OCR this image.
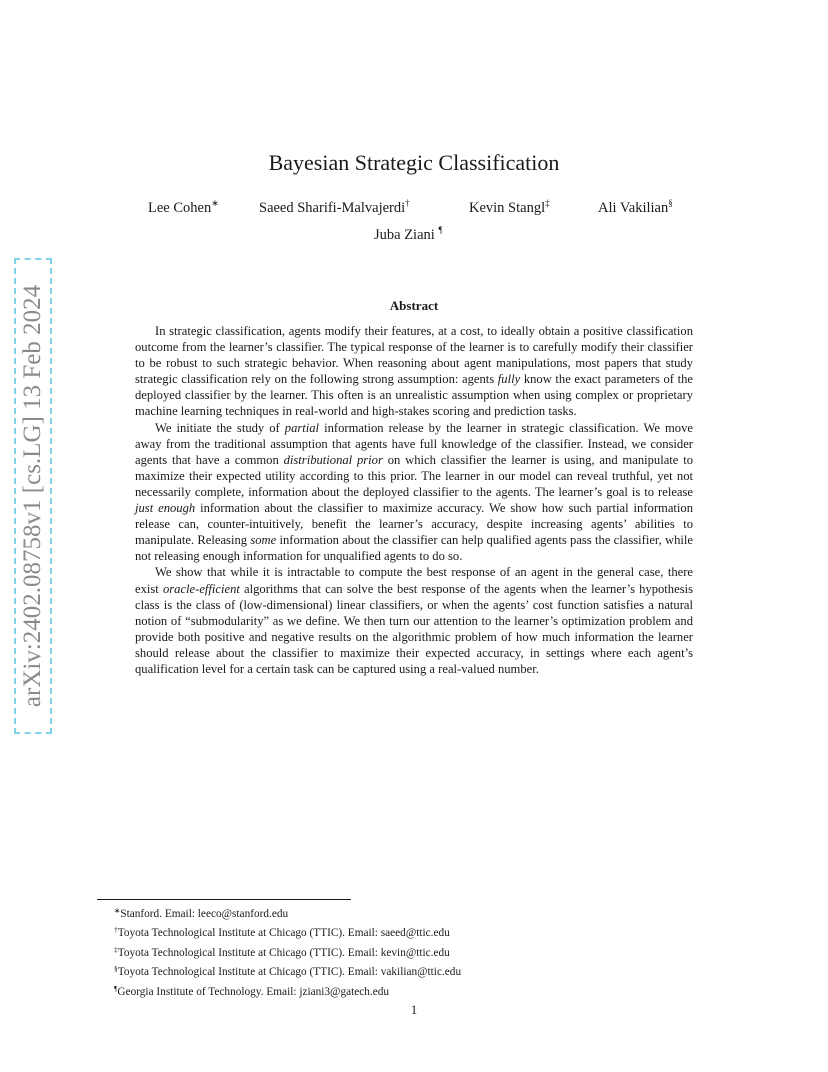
arXiv:2402.08758v1 [cs.LG] 13 Feb 2024
Bayesian Strategic Classification
Lee Cohen∗	Saeed Sharifi-Malvajerdi†	Kevin Stangl‡	Ali Vakilian§
Juba Ziani ¶
Abstract

In strategic classification, agents modify their features, at a cost, to ideally obtain a positive classification outcome from the learner’s classifier. The typical response of the learner is to carefully modify their classifier to be robust to such strategic behavior. When reasoning about agent manipulations, most papers that study strategic classification rely on the following strong assumption: agents fully know the exact parameters of the deployed classifier by the learner. This often is an unrealistic assumption when using complex or proprietary machine learning techniques in real-world and high-stakes scoring and prediction tasks.

We initiate the study of partial information release by the learner in strategic classification. We move away from the traditional assumption that agents have full knowledge of the classifier. Instead, we consider agents that have a common distributional prior on which classifier the learner is using, and manipulate to maximize their expected utility according to this prior. The learner in our model can reveal truthful, yet not necessarily complete, information about the deployed classifier to the agents. The learner’s goal is to release just enough information about the classifier to maximize accuracy. We show how such partial information release can, counter-intuitively, benefit the learner’s accuracy, despite increasing agents’ abilities to manipulate. Releasing some information about the classifier can help qualified agents pass the classifier, while not releasing enough information for unqualified agents to do so.

We show that while it is intractable to compute the best response of an agent in the general case, there exist oracle-efficient algorithms that can solve the best response of the agents when the learner’s hypothesis class is the class of (low-dimensional) linear classifiers, or when the agents’ cost function satisfies a natural notion of “submodularity” as we define. We then turn our attention to the learner’s optimization problem and provide both positive and negative results on the algorithmic problem of how much information the learner should release about the classifier to maximize their expected accuracy, in settings where each agent’s qualification level for a certain task can be captured using a real-valued number.

∗Stanford. Email: leeco@stanford.edu
†Toyota Technological Institute at Chicago (TTIC). Email: saeed@ttic.edu
‡Toyota Technological Institute at Chicago (TTIC). Email: kevin@ttic.edu
§Toyota Technological Institute at Chicago (TTIC). Email: vakilian@ttic.edu
¶Georgia Institute of Technology. Email: jziani3@gatech.edu
1
